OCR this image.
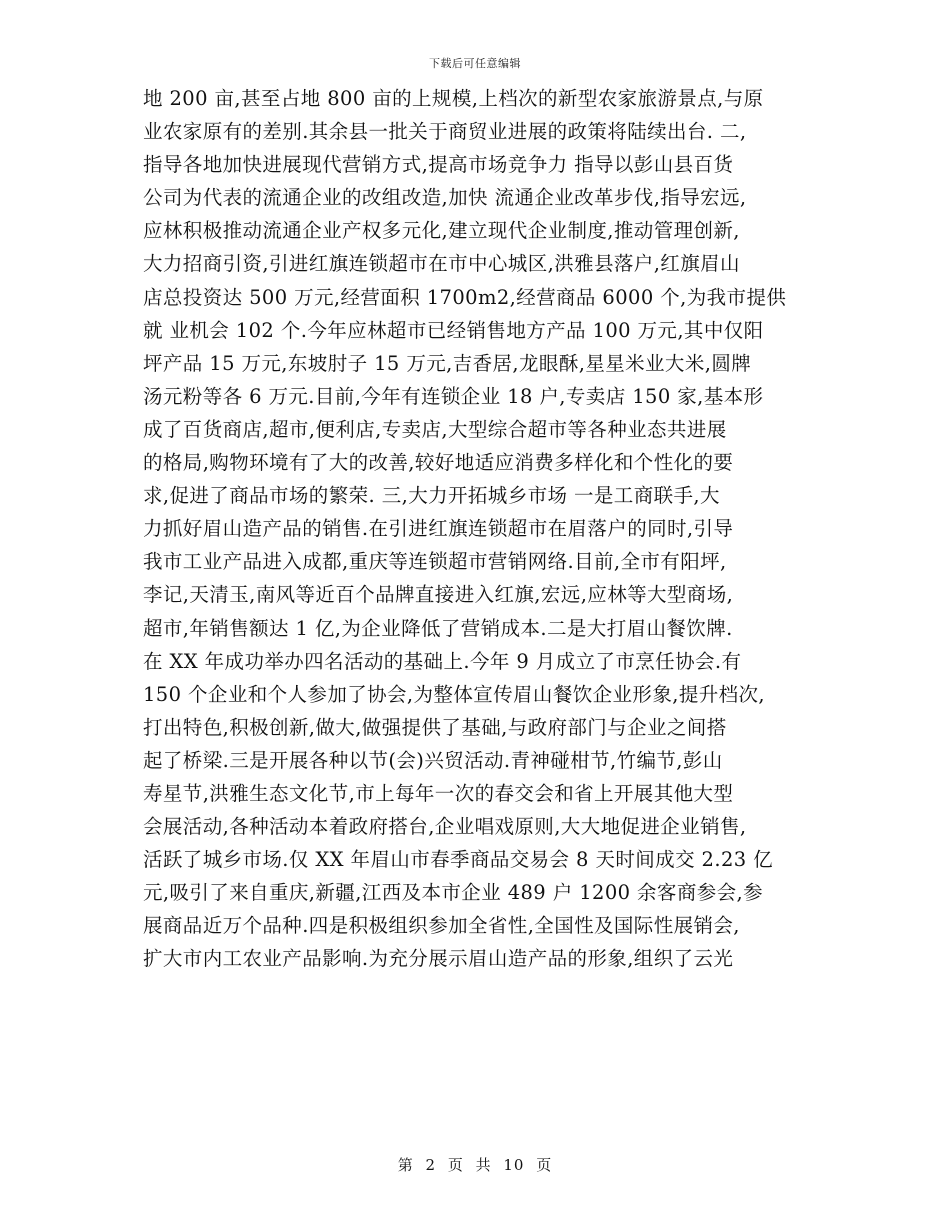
下载后可任意编辑
地 200 亩,甚至占地 800 亩的上规模,上档次的新型农家旅游景点,与原
业农家原有的差别.其余县一批关于商贸业进展的政策将陆续出台. 二,
指导各地加快进展现代营销方式,提高市场竞争力 指导以彭山县百货
公司为代表的流通企业的改组改造,加快 流通企业改革步伐,指导宏远,
应林积极推动流通企业产权多元化,建立现代企业制度,推动管理创新,
大力招商引资,引进红旗连锁超市在市中心城区,洪雅县落户,红旗眉山
店总投资达 500 万元,经营面积 1700m2,经营商品 6000 个,为我市提供
就 业机会 102 个.今年应林超市已经销售地方产品 100 万元,其中仅阳
坪产品 15 万元,东坡肘子 15 万元,吉香居,龙眼酥,星星米业大米,圆牌
汤元粉等各 6 万元.目前,今年有连锁企业 18 户,专卖店 150 家,基本形
成了百货商店,超市,便利店,专卖店,大型综合超市等各种业态共进展
的格局,购物环境有了大的改善,较好地适应消费多样化和个性化的要
求,促进了商品市场的繁荣. 三,大力开拓城乡市场 一是工商联手,大
力抓好眉山造产品的销售.在引进红旗连锁超市在眉落户的同时,引导
我市工业产品进入成都,重庆等连锁超市营销网络.目前,全市有阳坪,
李记,天清玉,南风等近百个品牌直接进入红旗,宏远,应林等大型商场,
超市,年销售额达 1 亿,为企业降低了营销成本.二是大打眉山餐饮牌.
在 XX 年成功举办四名活动的基础上.今年 9 月成立了市烹任协会.有
150 个企业和个人参加了协会,为整体宣传眉山餐饮企业形象,提升档次,
打出特色,积极创新,做大,做强提供了基础,与政府部门与企业之间搭
起了桥梁.三是开展各种以节(会)兴贸活动.青神碰柑节,竹编节,彭山
寿星节,洪雅生态文化节,市上每年一次的春交会和省上开展其他大型
会展活动,各种活动本着政府搭台,企业唱戏原则,大大地促进企业销售,
活跃了城乡市场.仅 XX 年眉山市春季商品交易会 8 天时间成交 2.23 亿
元,吸引了来自重庆,新疆,江西及本市企业 489 户 1200 余客商参会,参
展商品近万个品种.四是积极组织参加全省性,全国性及国际性展销会,
扩大市内工农业产品影响.为充分展示眉山造产品的形象,组织了云光
第 2 页 共 10 页
